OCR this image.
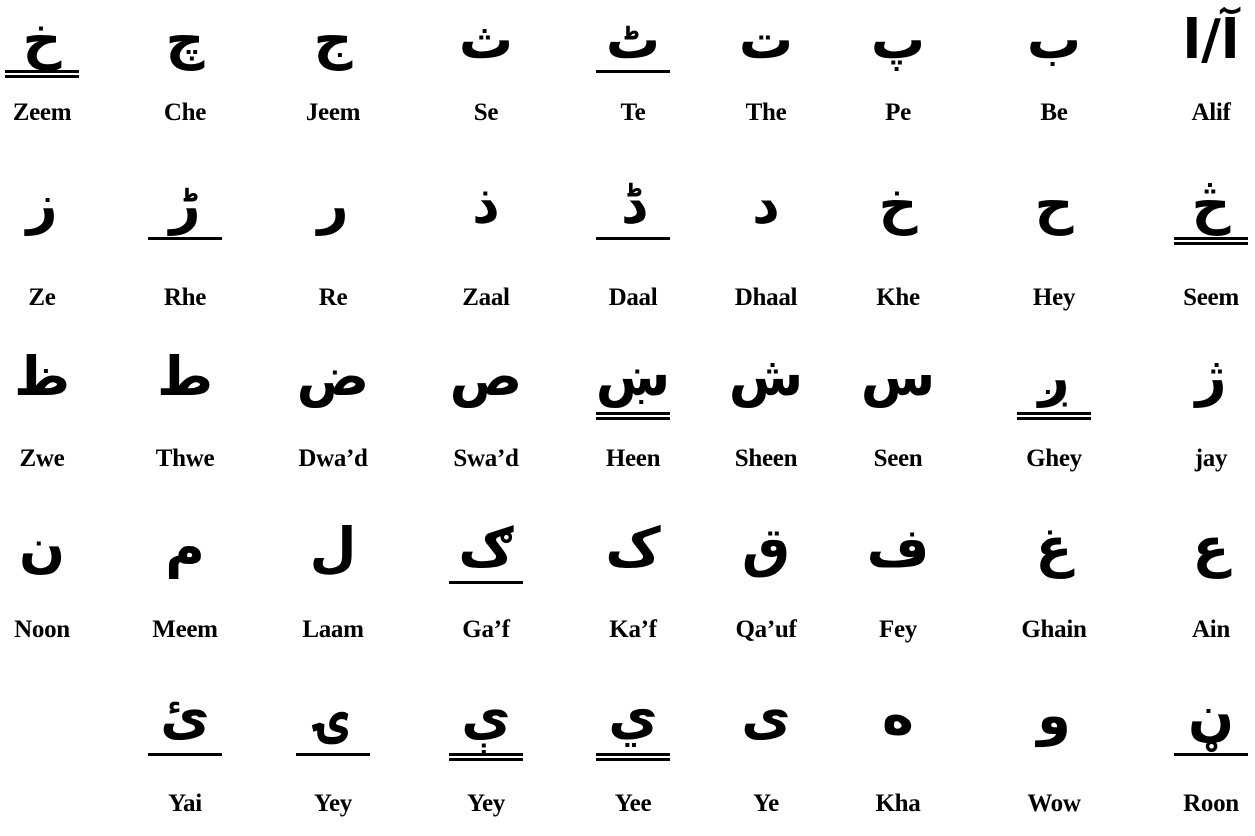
خ
Zeem
چ
Che
ج
Jeem
ث
Se
ٹ
Te
ت
The
پ
Pe
ب
Be
آ/ا
Alif
ز
Ze
ڑ
Rhe
ر
Re
ذ
Zaal
ڈ
Daal
د
Dhaal
خ
Khe
ح
Hey
څ
Seem
ظ
Zwe
ط
Thwe
ض
Dwa’d
ص
Swa’d
ښ
Heen
ش
Sheen
س
Seen
ږ
Ghey
ژ
jay
ن
Noon
م
Meem
ل
Laam
ګ
Ga’f
ک
Ka’f
ق
Qa’uf
ف
Fey
غ
Ghain
ع
Ain
ئ
Yai
ۍ
Yey
ې
Yey
ي
Yee
ی
Ye
ه
Kha
و
Wow
ڼ
Roon
